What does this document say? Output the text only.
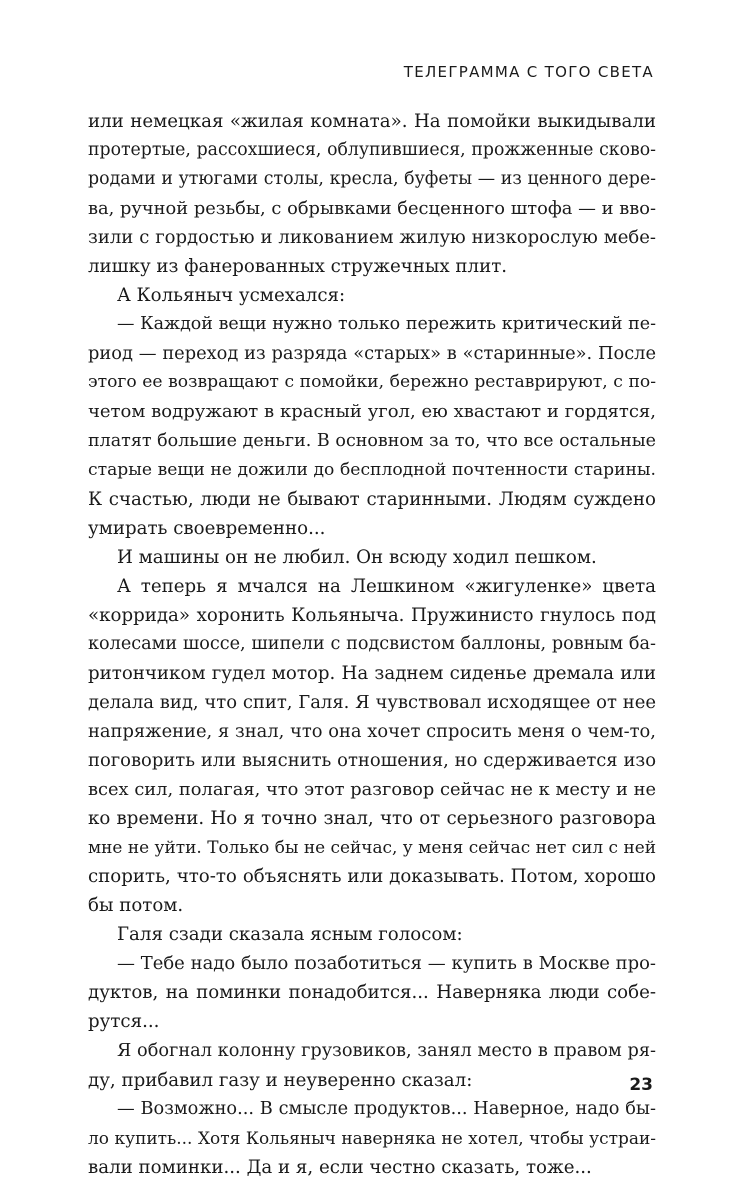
ТЕЛЕГРАММА С ТОГО СВЕТА
или немецкая «жилая комната». На помойки выкидывали
протертые, рассохшиеся, облупившиеся, прожженные сково-
родами и утюгами столы, кресла, буфеты — из ценного дере-
ва, ручной резьбы, с обрывками бесценного штофа — и вво-
зили с гордостью и ликованием жилую низкорослую мебе-
лишку из фанерованных стружечных плит.
А Кольяныч усмехался:
— Каждой вещи нужно только пережить критический пе-
риод — переход из разряда «старых» в «старинные». После
этого ее возвращают с помойки, бережно реставрируют, с по-
четом водружают в красный угол, ею хвастают и гордятся,
платят большие деньги. В основном за то, что все остальные
старые вещи не дожили до бесплодной почтенности старины.
К счастью, люди не бывают старинными. Людям суждено
умирать своевременно...
И машины он не любил. Он всюду ходил пешком.
А теперь я мчался на Лешкином «жигуленке» цвета
«коррида» хоронить Кольяныча. Пружинисто гнулось под
колесами шоссе, шипели с подсвистом баллоны, ровным ба-
ритончиком гудел мотор. На заднем сиденье дремала или
делала вид, что спит, Галя. Я чувствовал исходящее от нее
напряжение, я знал, что она хочет спросить меня о чем-то,
поговорить или выяснить отношения, но сдерживается изо
всех сил, полагая, что этот разговор сейчас не к месту и не
ко времени. Но я точно знал, что от серьезного разговора
мне не уйти. Только бы не сейчас, у меня сейчас нет сил с ней
спорить, что-то объяснять или доказывать. Потом, хорошо
бы потом.
Галя сзади сказала ясным голосом:
— Тебе надо было позаботиться — купить в Москве про-
дуктов, на поминки понадобится... Наверняка люди собе-
рутся...
Я обогнал колонну грузовиков, занял место в правом ря-
ду, прибавил газу и неуверенно сказал:
— Возможно... В смысле продуктов... Наверное, надо бы-
ло купить... Хотя Кольяныч наверняка не хотел, чтобы устраи-
вали поминки... Да и я, если честно сказать, тоже...
23
